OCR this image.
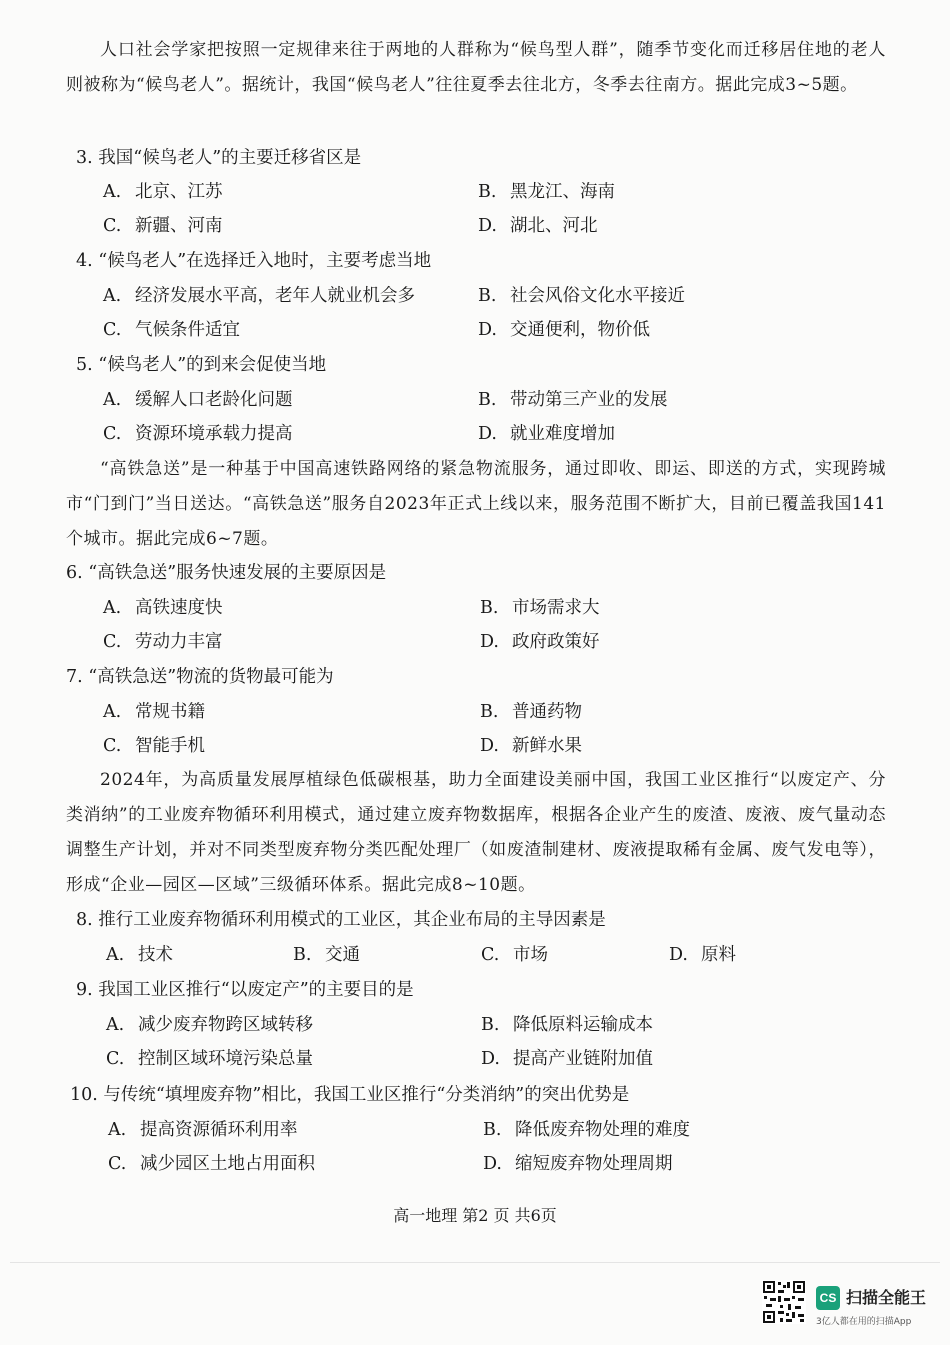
人口社会学家把按照一定规律来往于两地的人群称为“候鸟型人群”，随季节变化而迁移居住地的老人则被称为“候鸟老人”。据统计，我国“候鸟老人”往往夏季去往北方，冬季去往南方。据此完成3~5题。

3. 我国“候鸟老人”的主要迁移省区是
A. 北京、江苏	B. 黑龙江、海南
C. 新疆、河南	D. 湖北、河北
4. “候鸟老人”在选择迁入地时，主要考虑当地
A. 经济发展水平高，老年人就业机会多	B. 社会风俗文化水平接近
C. 气候条件适宜	D. 交通便利，物价低
5. “候鸟老人”的到来会促使当地
A. 缓解人口老龄化问题	B. 带动第三产业的发展
C. 资源环境承载力提高	D. 就业难度增加

“高铁急送”是一种基于中国高速铁路网络的紧急物流服务，通过即收、即运、即送的方式，实现跨城市“门到门”当日送达。“高铁急送”服务自2023年正式上线以来，服务范围不断扩大，目前已覆盖我国141个城市。据此完成6~7题。

6. “高铁急送”服务快速发展的主要原因是
A. 高铁速度快	B. 市场需求大
C. 劳动力丰富	D. 政府政策好
7. “高铁急送”物流的货物最可能为
A. 常规书籍	B. 普通药物
C. 智能手机	D. 新鲜水果

2024年，为高质量发展厚植绿色低碳根基，助力全面建设美丽中国，我国工业区推行“以废定产、分类消纳”的工业废弃物循环利用模式，通过建立废弃物数据库，根据各企业产生的废渣、废液、废气量动态调整生产计划，并对不同类型废弃物分类匹配处理厂（如废渣制建材、废液提取稀有金属、废气发电等），形成“企业—园区—区域”三级循环体系。据此完成8~10题。

8. 推行工业废弃物循环利用模式的工业区，其企业布局的主导因素是
A. 技术	B. 交通	C. 市场	D. 原料
9. 我国工业区推行“以废定产”的主要目的是
A. 减少废弃物跨区域转移	B. 降低原料运输成本
C. 控制区域环境污染总量	D. 提高产业链附加值
10. 与传统“填埋废弃物”相比，我国工业区推行“分类消纳”的突出优势是
A. 提高资源循环利用率	B. 降低废弃物处理的难度
C. 减少园区土地占用面积	D. 缩短废弃物处理周期
高一地理 第2 页 共6页
CS 扫描全能王
3亿人都在用的扫描App
